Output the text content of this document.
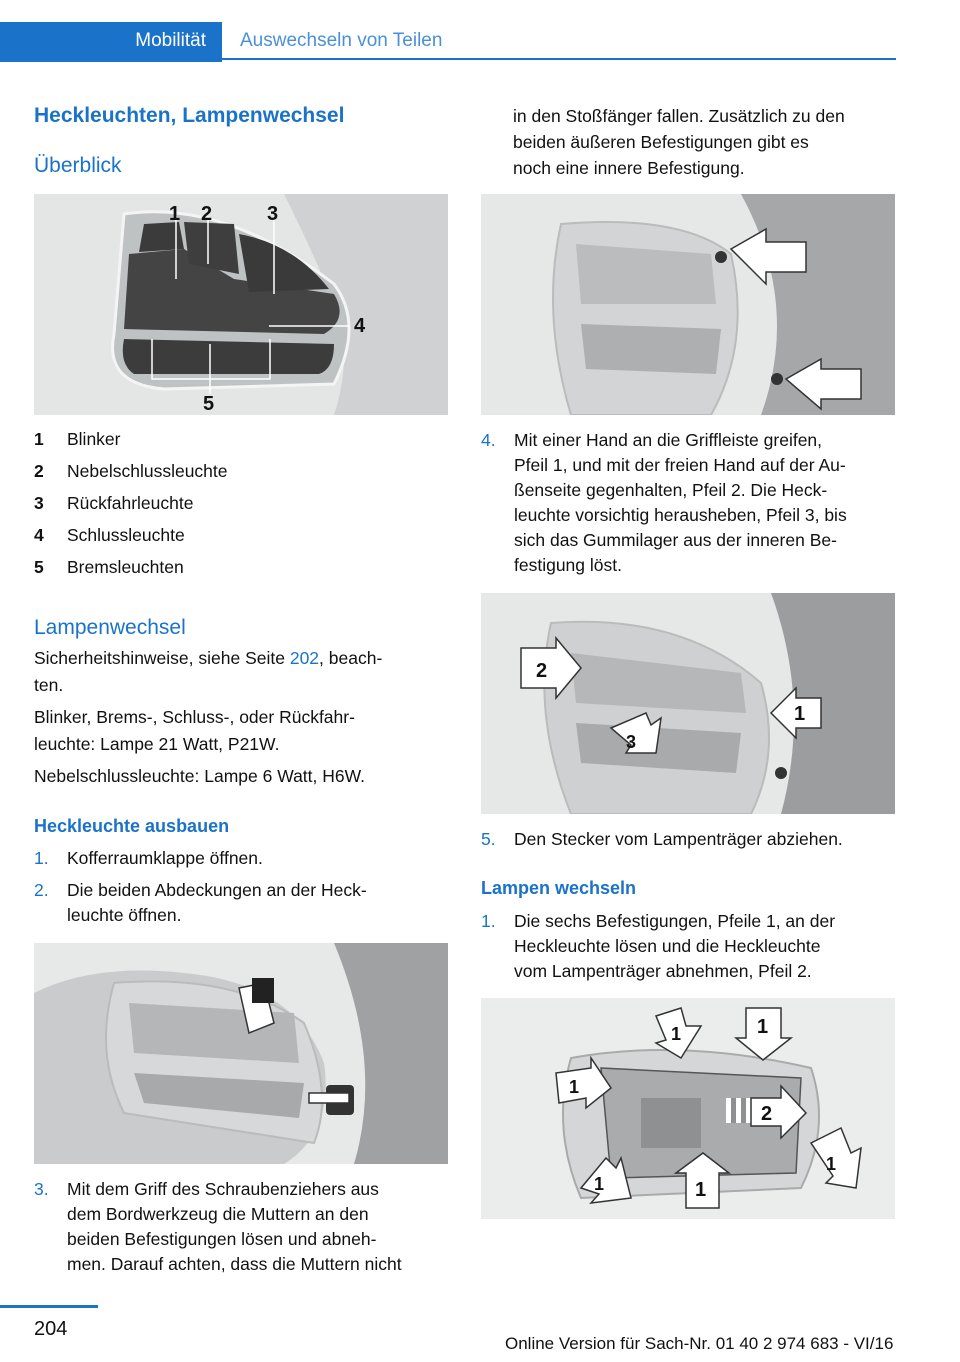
Mobilität	Auswechseln von Teilen
Heckleuchten, Lampenwechsel
Überblick
1 2	3
4
5
1	Blinker
2	Nebelschlussleuchte
3	Rückfahrleuchte
4	Schlussleuchte
5	Bremsleuchten
Lampenwechsel
Sicherheitshinweise, siehe Seite 202, beach-
ten.
Blinker, Brems-, Schluss-, oder Rückfahr-
leuchte: Lampe 21 Watt, P21W.
Nebelschlussleuchte: Lampe 6 Watt, H6W.
Heckleuchte ausbauen
1. Kofferraumklappe öffnen.
2. Die beiden Abdeckungen an der Heck-
leuchte öffnen.
3. Mit dem Griff des Schraubenziehers aus
dem Bordwerkzeug die Muttern an den
beiden Befestigungen lösen und abneh-
men. Darauf achten, dass die Muttern nicht
in den Stoßfänger fallen. Zusätzlich zu den
beiden äußeren Befestigungen gibt es
noch eine innere Befestigung.
4. Mit einer Hand an die Griffleiste greifen,
Pfeil 1, und mit der freien Hand auf der Au-
ßenseite gegenhalten, Pfeil 2. Die Heck-
leuchte vorsichtig herausheben, Pfeil 3, bis
sich das Gummilager aus der inneren Be-
festigung löst.
2
1
3
5. Den Stecker vom Lampenträger abziehen.
Lampen wechseln
1. Die sechs Befestigungen, Pfeile 1, an der
Heckleuchte lösen und die Heckleuchte
vom Lampenträger abnehmen, Pfeil 2.
1	1
1
2
1
1	1
204
Online Version für Sach-Nr. 01 40 2 974 683 - VI/16
